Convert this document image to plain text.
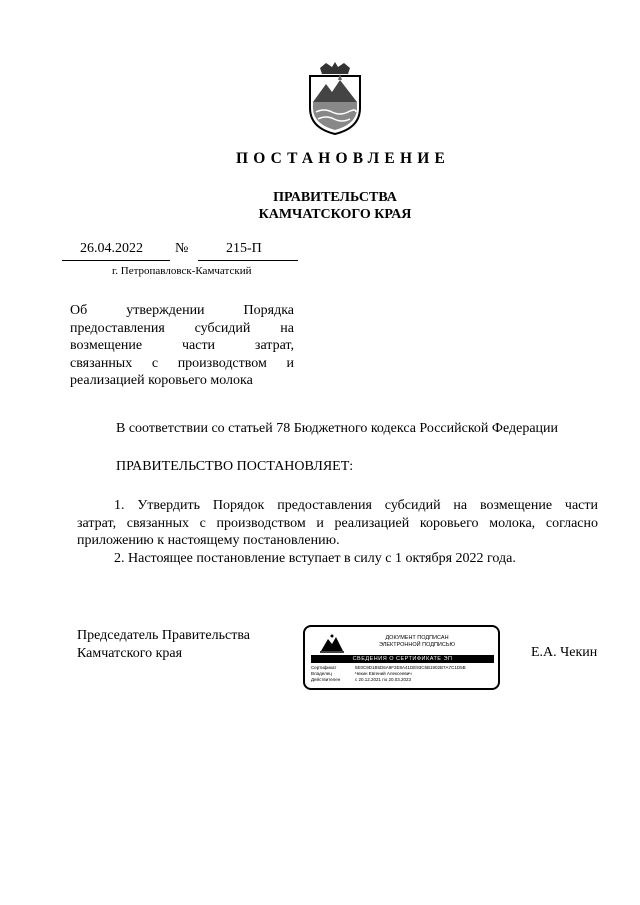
ПОСТАНОВЛЕНИЕ
ПРАВИТЕЛЬСТВА
КАМЧАТСКОГО КРАЯ
26.04.2022 №	215-П
г. Петропавловск-Камчатский
Об утверждении Порядка
предоставления субсидий на
возмещение части затрат,
связанных с производством и
реализацией коровьего молока
В соответствии со статьей 78 Бюджетного кодекса Российской Федерации
ПРАВИТЕЛЬСТВО ПОСТАНОВЛЯЕТ:
1. Утвердить Порядок предоставления субсидий на возмещение части
затрат, связанных с производством и реализацией коровьего молока, согласно
приложению к настоящему постановлению.
2. Настоящее постановление вступает в силу с 1 октября 2022 года.
Председатель Правительства
Камчатского края
ДОКУМЕНТ ПОДПИСАН
ЭЛЕКТРОННОЙ ПОДПИСЬЮ
СВЕДЕНИЯ О СЕРТИФИКАТЕ ЭП
Сертификат	5E0C9D1B5D6A9F2E8A41DE93C5B1902B7A7C1D5B
Владелец	Чекин Евгений Алексеевич
Действителен	с 20.12.2021 по 20.03.2023
Е.А. Чекин
